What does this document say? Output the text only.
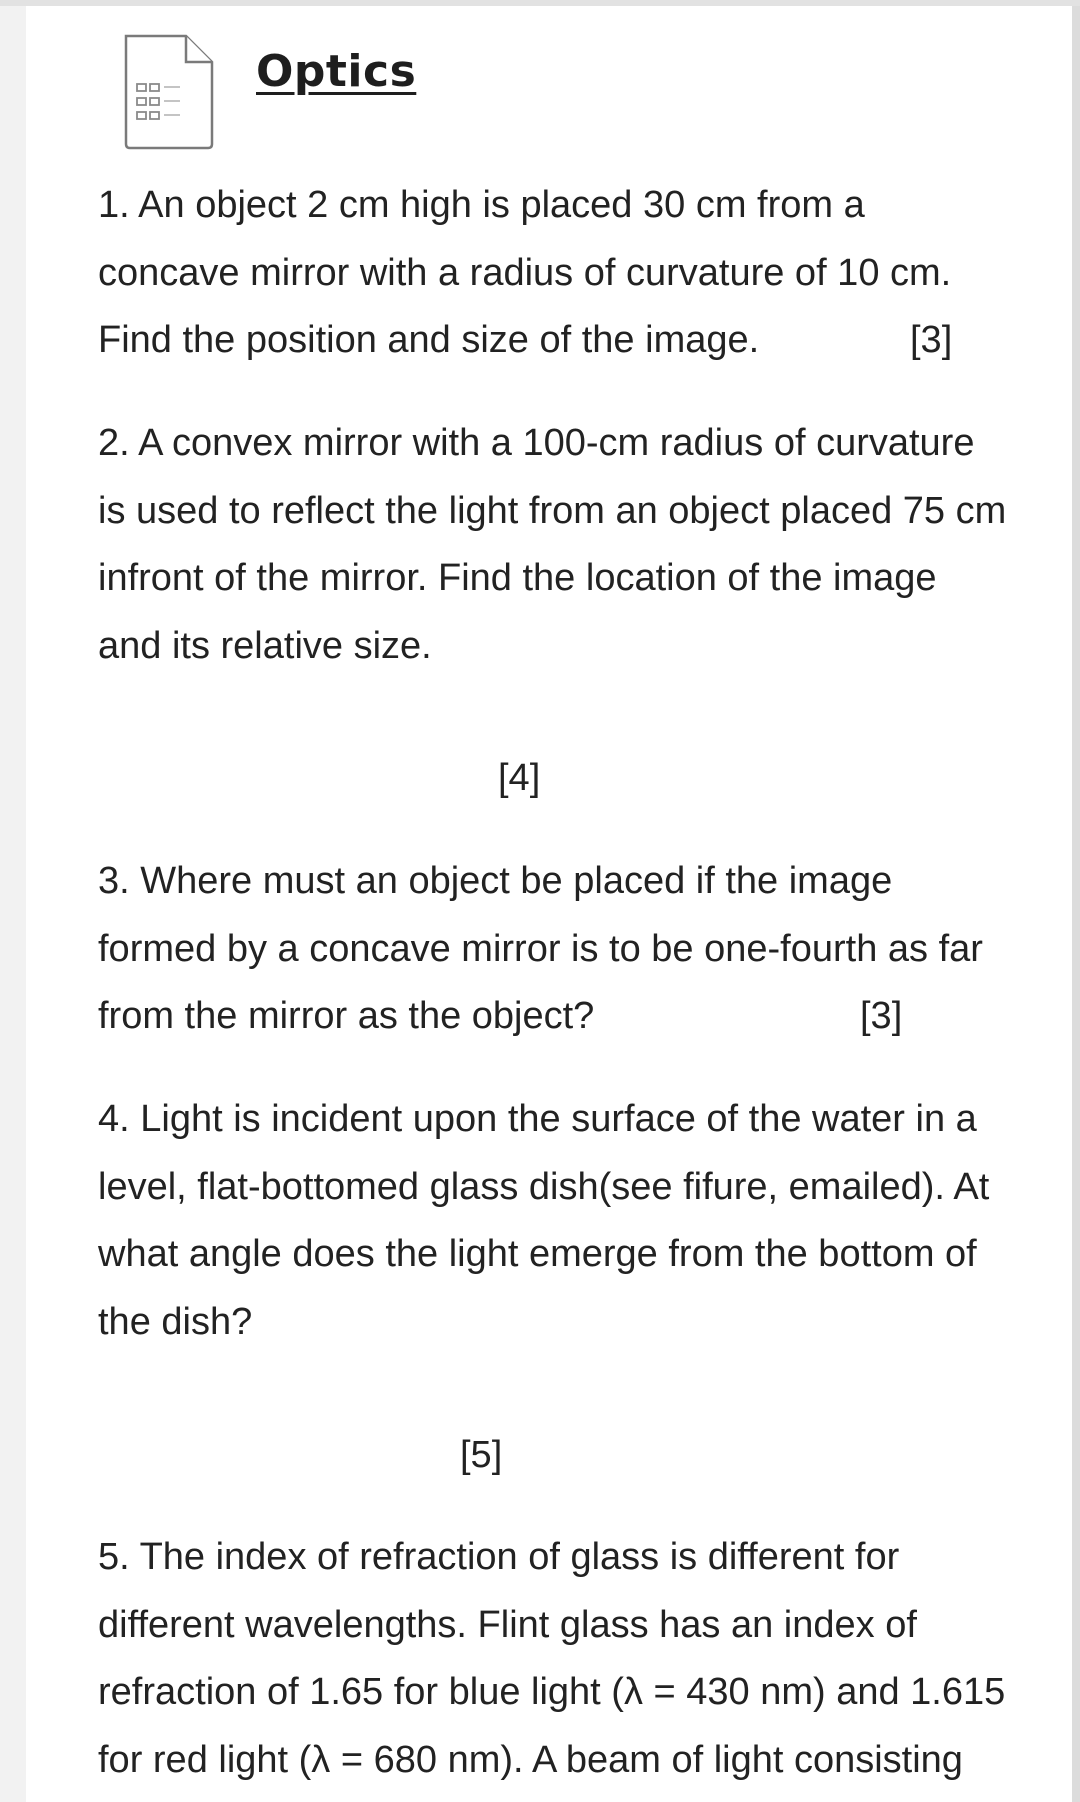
Optics
1. An object 2 cm high is placed 30 cm from a
concave mirror with a radius of curvature of 10 cm.
Find the position and size of the image.	[3]
2. A convex mirror with a 100-cm radius of curvature
is used to reflect the light from an object placed 75 cm
infront of the mirror. Find the location of the image
and its relative size.
[4]
3. Where must an object be placed if the image
formed by a concave mirror is to be one-fourth as far
from the mirror as the object?	[3]
4. Light is incident upon the surface of the water in a
level, flat-bottomed glass dish(see fifure, emailed). At
what angle does the light emerge from the bottom of
the dish?
[5]
5. The index of refraction of glass is different for
different wavelengths. Flint glass has an index of
refraction of 1.65 for blue light (λ = 430 nm) and 1.615
for red light (λ = 680 nm). A beam of light consisting
